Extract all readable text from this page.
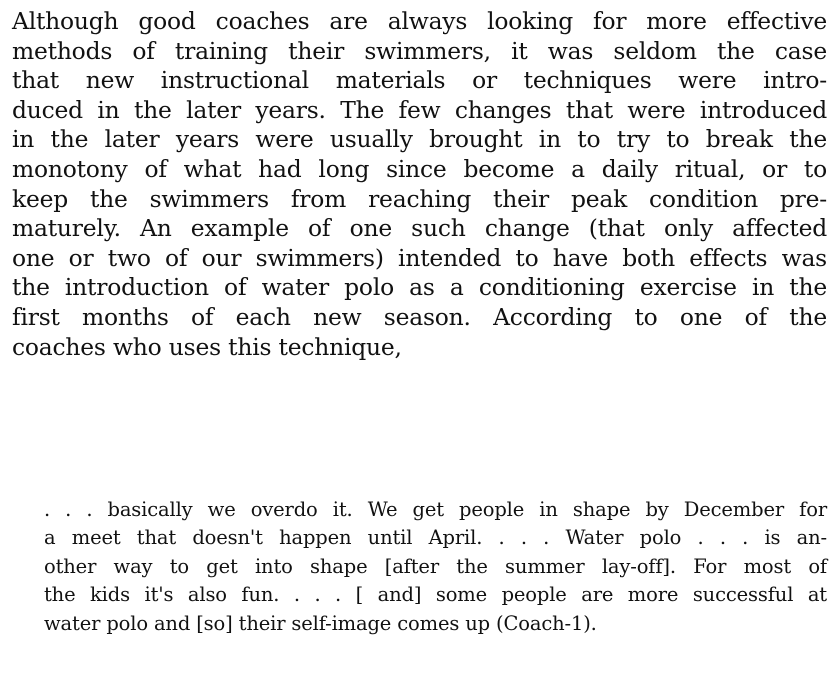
Although good coaches are always looking for more effective
methods of training their swimmers, it was seldom the case
that new instructional materials or techniques were intro-
duced in the later years. The few changes that were introduced
in the later years were usually brought in to try to break the
monotony of what had long since become a daily ritual, or to
keep the swimmers from reaching their peak condition pre-
maturely. An example of one such change (that only affected
one or two of our swimmers) intended to have both effects was
the introduction of water polo as a conditioning exercise in the
first months of each new season. According to one of the
coaches who uses this technique,

. . . basically we overdo it. We get people in shape by December for
a meet that doesn't happen until April. . . . Water polo . . . is an-
other way to get into shape [after the summer lay-off]. For most of
the kids it's also fun. . . . [ and] some people are more successful at
water polo and [so] their self-image comes up (Coach-1).
